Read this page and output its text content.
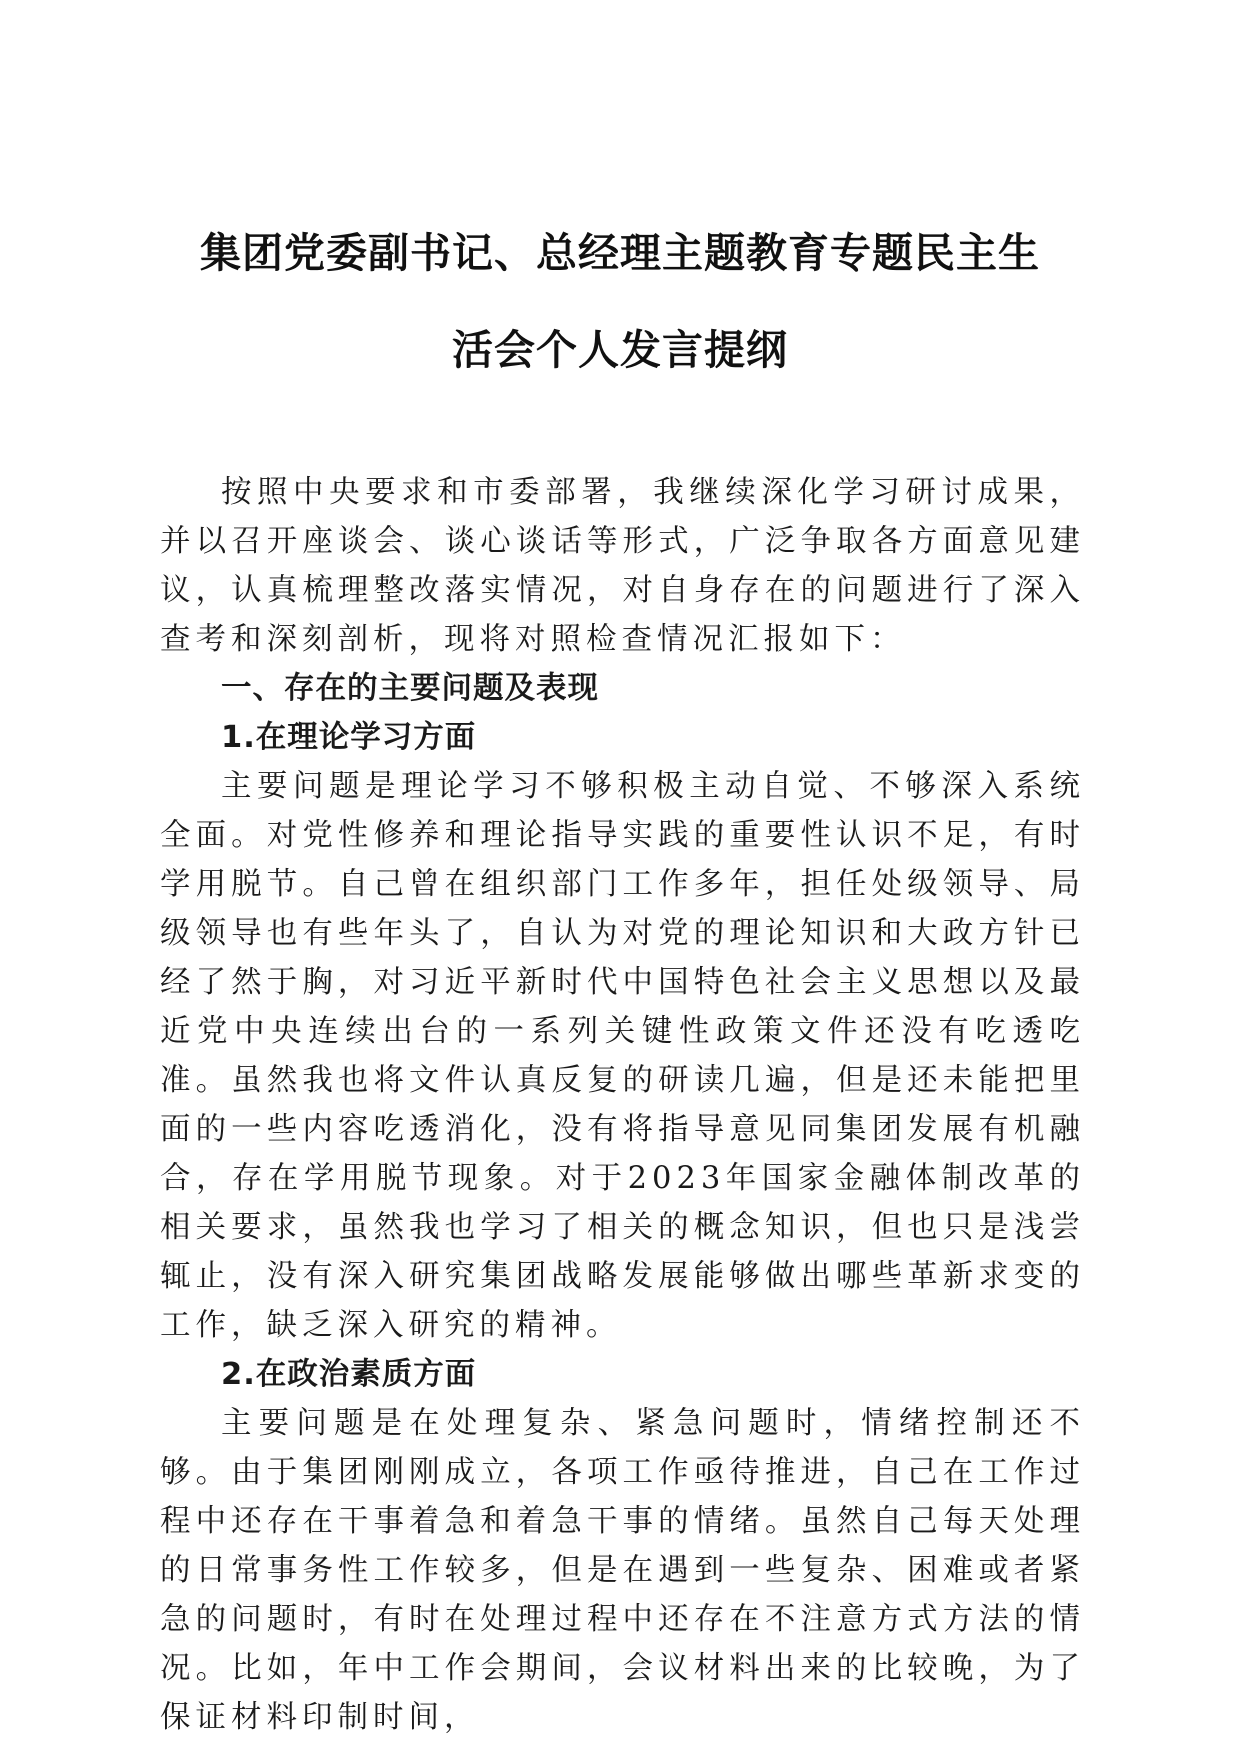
集团党委副书记、总经理主题教育专题民主生
活会个人发言提纲

按照中央要求和市委部署，我继续深化学习研讨成果，并以召开座谈会、谈心谈话等形式，广泛争取各方面意见建议，认真梳理整改落实情况，对自身存在的问题进行了深入查考和深刻剖析，现将对照检查情况汇报如下：

一、存在的主要问题及表现
1.在理论学习方面

主要问题是理论学习不够积极主动自觉、不够深入系统全面。对党性修养和理论指导实践的重要性认识不足，有时学用脱节。自己曾在组织部门工作多年，担任处级领导、局级领导也有些年头了，自认为对党的理论知识和大政方针已经了然于胸，对习近平新时代中国特色社会主义思想以及最近党中央连续出台的一系列关键性政策文件还没有吃透吃准。虽然我也将文件认真反复的研读几遍，但是还未能把里面的一些内容吃透消化，没有将指导意见同集团发展有机融合，存在学用脱节现象。对于2023年国家金融体制改革的相关要求，虽然我也学习了相关的概念知识，但也只是浅尝辄止，没有深入研究集团战略发展能够做出哪些革新求变的工作，缺乏深入研究的精神。

2.在政治素质方面

主要问题是在处理复杂、紧急问题时，情绪控制还不够。由于集团刚刚成立，各项工作亟待推进，自己在工作过程中还存在干事着急和着急干事的情绪。虽然自己每天处理的日常事务性工作较多，但是在遇到一些复杂、困难或者紧急的问题时，有时在处理过程中还存在不注意方式方法的情况。比如，年中工作会期间，会议材料出来的比较晚，为了保证材料印制时间，
